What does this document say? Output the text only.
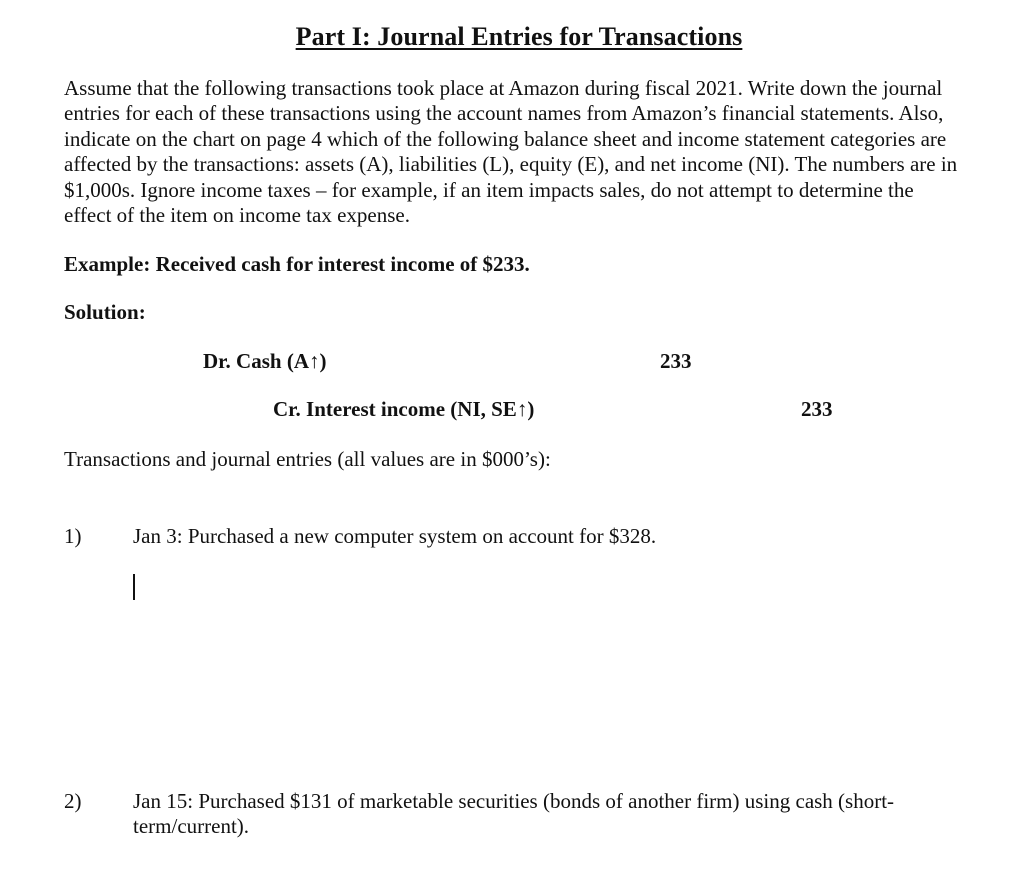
Part I: Journal Entries for Transactions

Assume that the following transactions took place at Amazon during fiscal 2021. Write down the journal entries for each of these transactions using the account names from Amazon’s financial statements. Also, indicate on the chart on page 4 which of the following balance sheet and income statement categories are affected by the transactions: assets (A), liabilities (L), equity (E), and net income (NI). The numbers are in $1,000s. Ignore income taxes – for example, if an item impacts sales, do not attempt to determine the effect of the item on income tax expense.

Example: Received cash for interest income of $233.
Solution:
Dr. Cash (A↑)	233
Cr. Interest income (NI, SE↑)	233
Transactions and journal entries (all values are in $000’s):
1) Jan 3: Purchased a new computer system on account for $328.

2) Jan 15: Purchased $131 of marketable securities (bonds of another firm) using cash (short-term/current).
